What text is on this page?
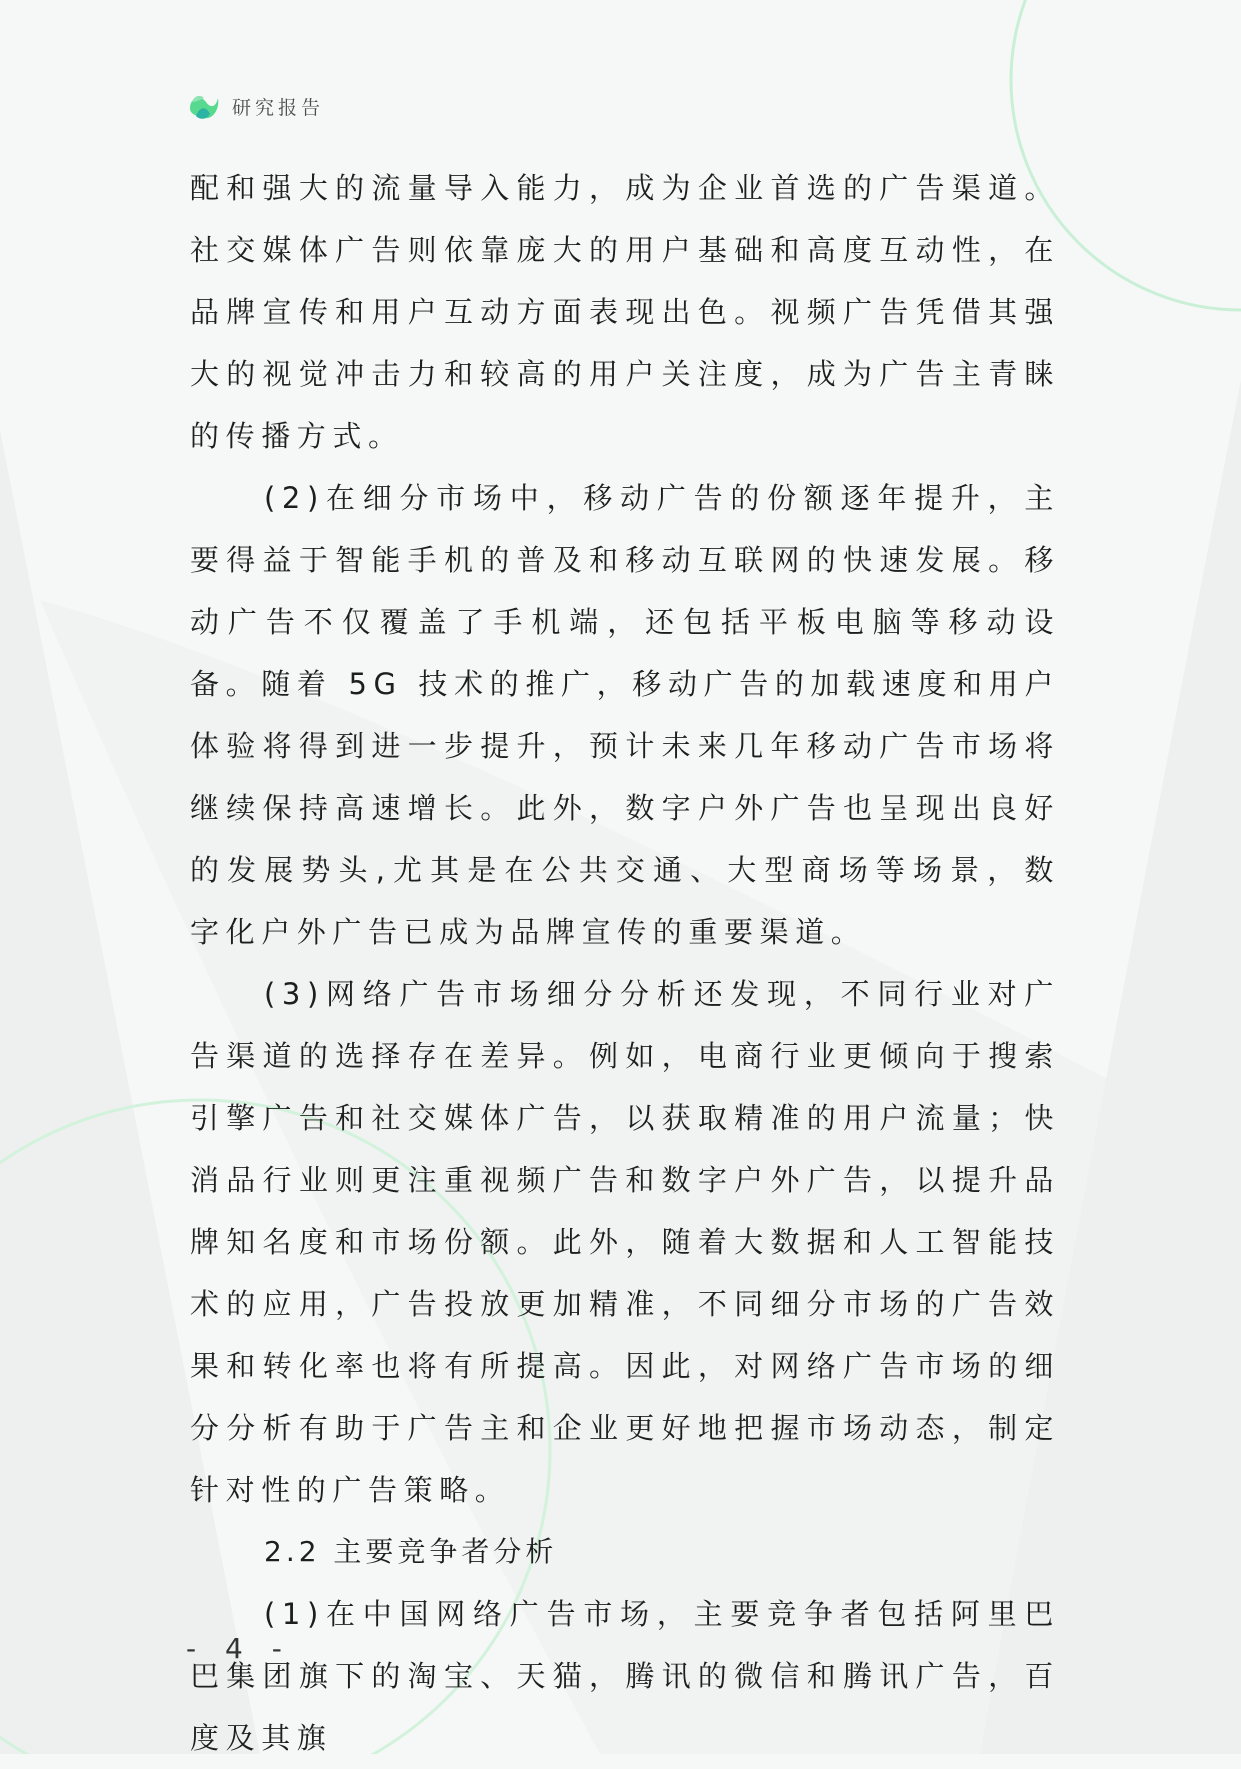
研究报告

配和强大的流量导入能力，成为企业首选的广告渠道。社交媒体广告则依靠庞大的用户基础和高度互动性，在品牌宣传和用户互动方面表现出色。视频广告凭借其强大的视觉冲击力和较高的用户关注度，成为广告主青睐的传播方式。

(2)在细分市场中，移动广告的份额逐年提升，主要得益于智能手机的普及和移动互联网的快速发展。移动广告不仅覆盖了手机端，还包括平板电脑等移动设备。随着 5G 技术的推广，移动广告的加载速度和用户体验将得到进一步提升，预计未来几年移动广告市场将继续保持高速增长。此外，数字户外广告也呈现出良好的发展势头,尤其是在公共交通、大型商场等场景，数字化户外广告已成为品牌宣传的重要渠道。

(3)网络广告市场细分分析还发现，不同行业对广告渠道的选择存在差异。例如，电商行业更倾向于搜索引擎广告和社交媒体广告，以获取精准的用户流量；快消品行业则更注重视频广告和数字户外广告，以提升品牌知名度和市场份额。此外，随着大数据和人工智能技术的应用，广告投放更加精准，不同细分市场的广告效果和转化率也将有所提高。因此，对网络广告市场的细分分析有助于广告主和企业更好地把握市场动态，制定针对性的广告策略。

2.2 主要竞争者分析

(1)在中国网络广告市场，主要竞争者包括阿里巴巴集团旗下的淘宝、天猫，腾讯的微信和腾讯广告，百度及其旗

- 4 -
